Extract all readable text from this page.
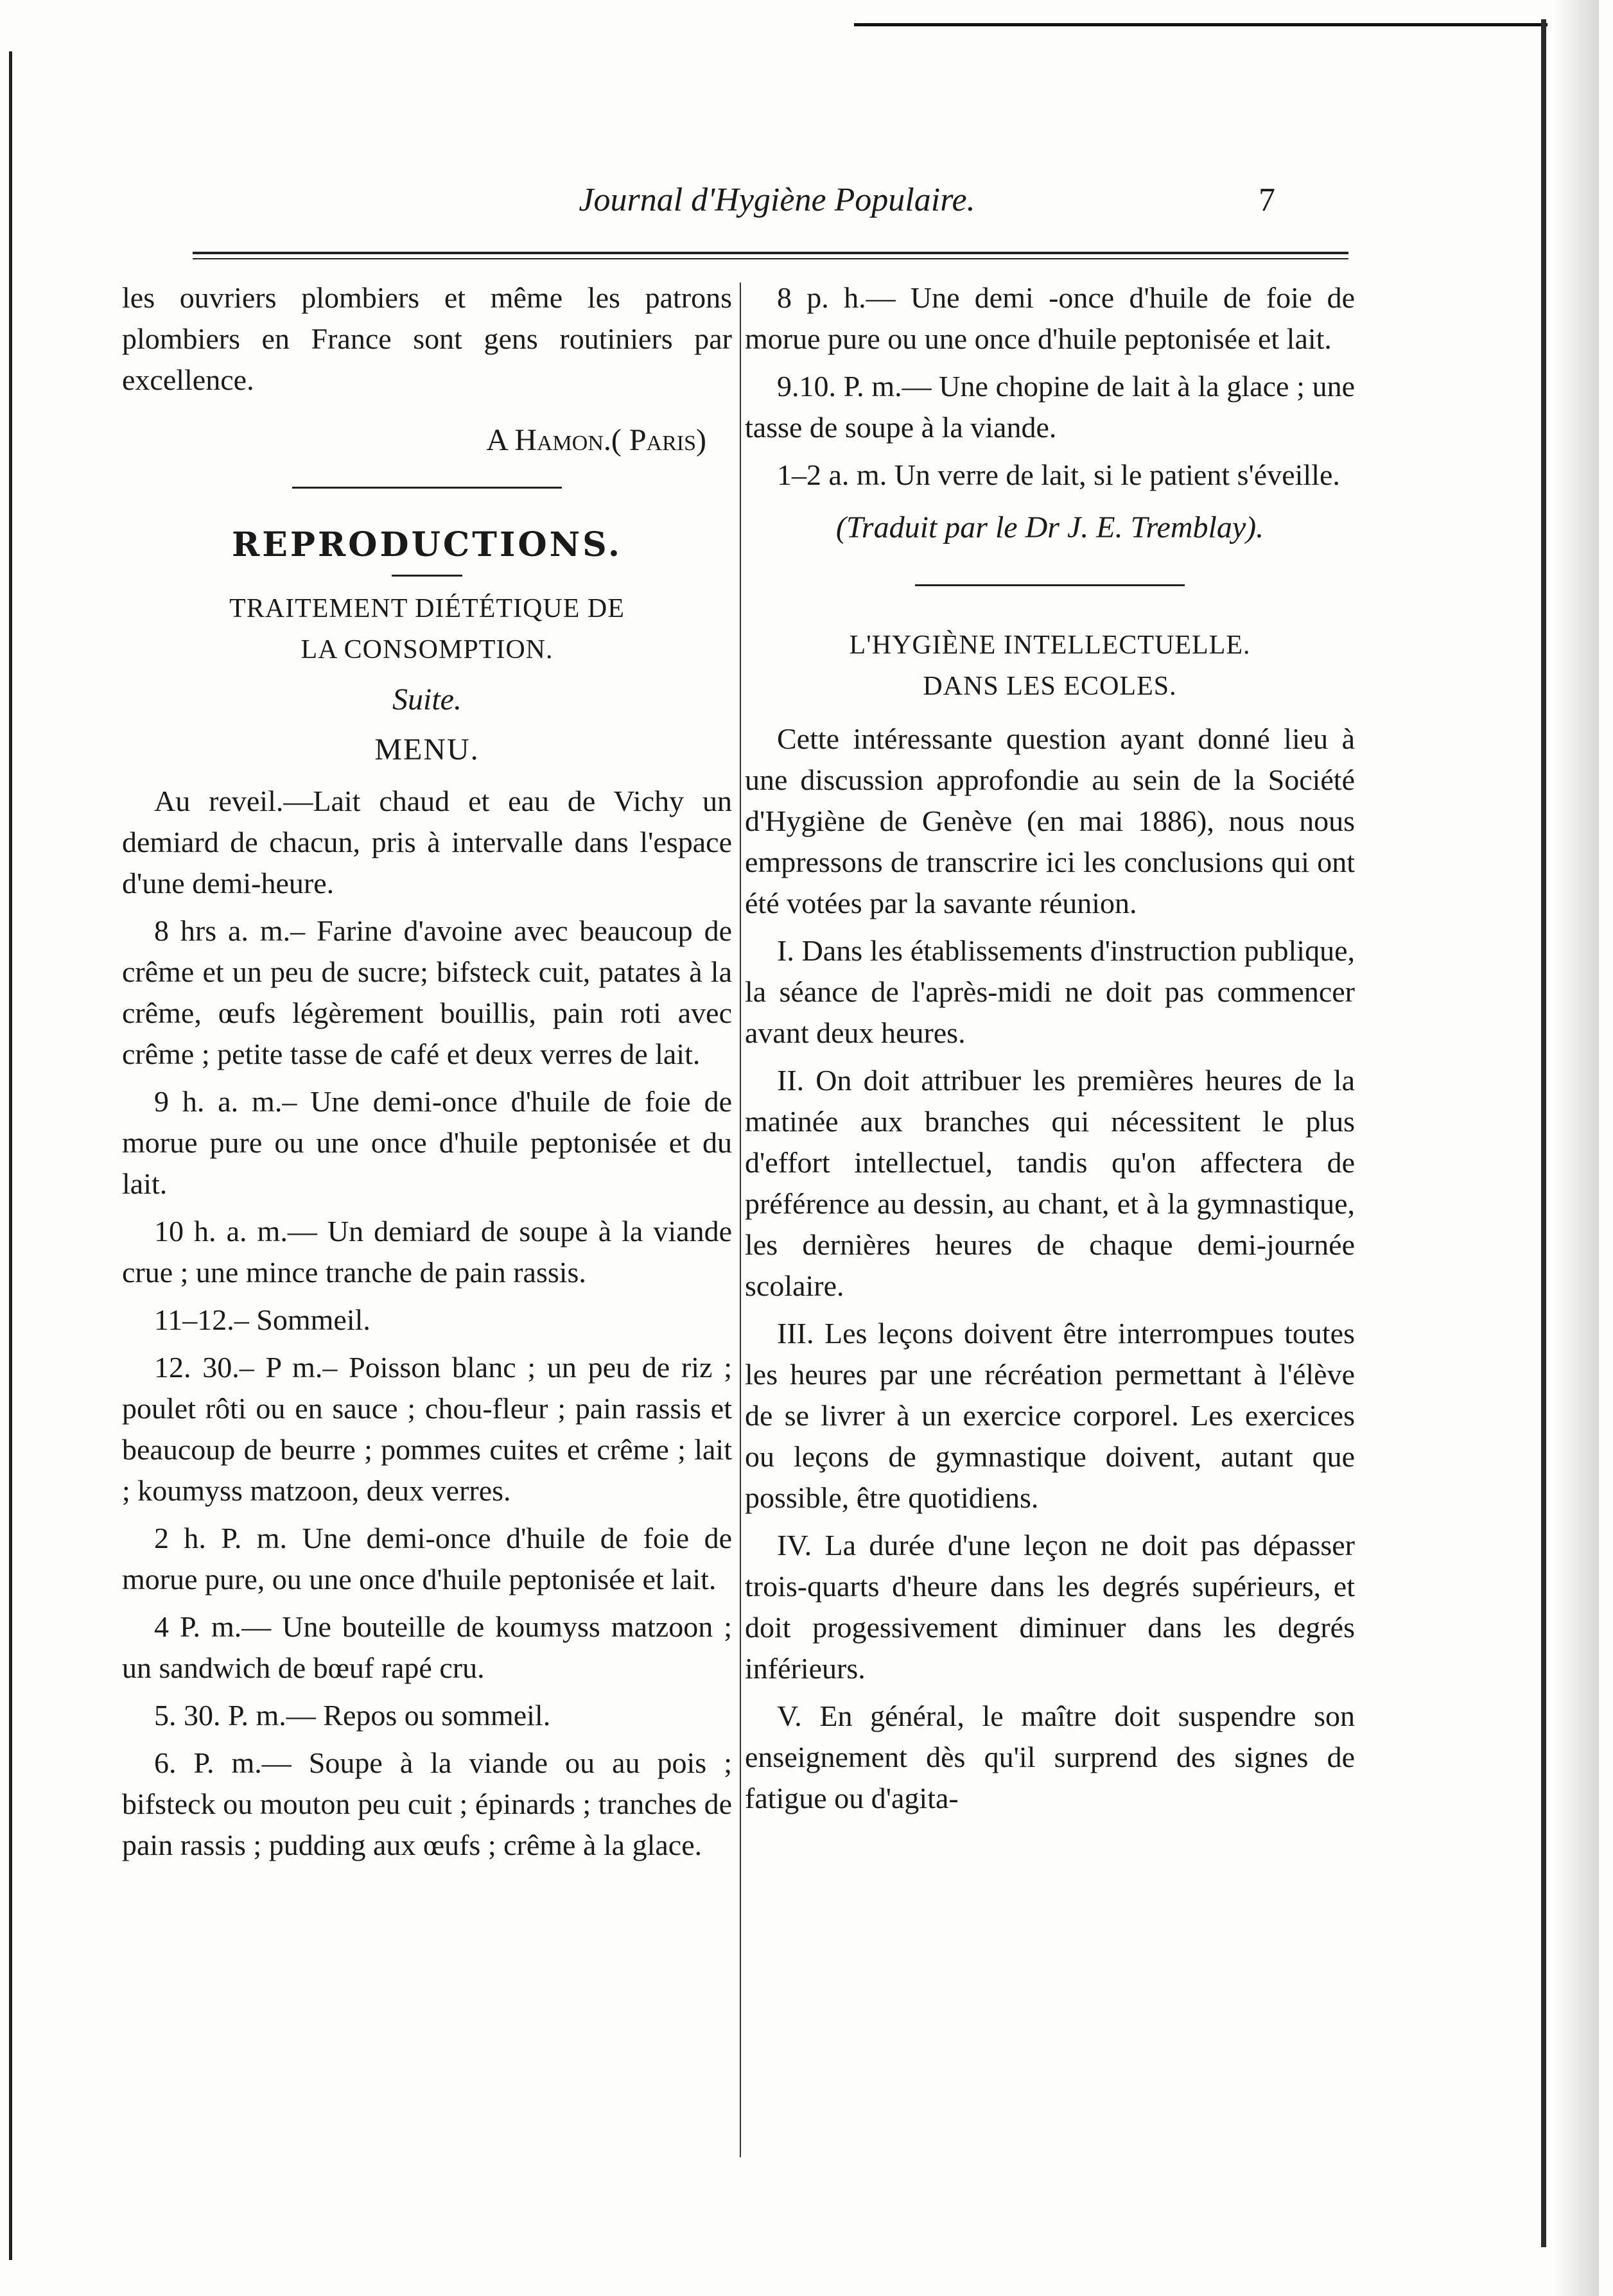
Journal d'Hygiène Populaire.	7

les ouvriers plombiers et même les patrons plombiers en France sont gens routiniers par excellence.

A Hamon.( Paris)

REPRODUCTIONS.

TRAITEMENT DIÉTÉTIQUE DE

LA CONSOMPTION.

Suite.

MENU.

Au reveil.—Lait chaud et eau de Vichy un demiard de chacun, pris à intervalle dans l'espace d'une demi-heure.

8 hrs a. m.– Farine d'avoine avec beaucoup de crême et un peu de sucre; bifsteck cuit, patates à la crême, œufs légèrement bouillis, pain roti avec crême ; petite tasse de café et deux verres de lait.

9 h. a. m.– Une demi-once d'huile de foie de morue pure ou une once d'huile peptonisée et du lait.

10 h. a. m.— Un demiard de soupe à la viande crue ; une mince tranche de pain rassis.

11–12.– Sommeil.

12. 30.– P m.– Poisson blanc ; un peu de riz ; poulet rôti ou en sauce ; chou-fleur ; pain rassis et beaucoup de beurre ; pommes cuites et crême ; lait ; koumyss matzoon, deux verres.

2 h. P. m. Une demi-once d'huile de foie de morue pure, ou une once d'huile peptonisée et lait.

4 P. m.— Une bouteille de koumyss matzoon ; un sandwich de bœuf rapé cru.

5. 30. P. m.— Repos ou sommeil.

6. P. m.— Soupe à la viande ou au pois ; bifsteck ou mouton peu cuit ; épinards ; tranches de pain rassis ; pudding aux œufs ; crême à la glace.

8 p. h.— Une demi -once d'huile de foie de morue pure ou une once d'huile peptonisée et lait.

9.10. P. m.— Une chopine de lait à la glace ; une tasse de soupe à la viande.

1–2 a. m. Un verre de lait, si le patient s'éveille.

(Traduit par le Dr J. E. Tremblay).

L'HYGIÈNE INTELLECTUELLE.

DANS LES ECOLES.

Cette intéressante question ayant donné lieu à une discussion approfondie au sein de la Société d'Hygiène de Genève (en mai 1886), nous nous empressons de transcrire ici les conclusions qui ont été votées par la savante réunion.

I. Dans les établissements d'instruction publique, la séance de l'après-midi ne doit pas commencer avant deux heures.

II. On doit attribuer les premières heures de la matinée aux branches qui nécessitent le plus d'effort intellectuel, tandis qu'on affectera de préférence au dessin, au chant, et à la gymnastique, les dernières heures de chaque demi-journée scolaire.

III. Les leçons doivent être interrompues toutes les heures par une récréation permettant à l'élève de se livrer à un exercice corporel. Les exercices ou leçons de gymnastique doivent, autant que possible, être quotidiens.

IV. La durée d'une leçon ne doit pas dépasser trois-quarts d'heure dans les degrés supérieurs, et doit progessivement diminuer dans les degrés inférieurs.

V. En général, le maître doit suspendre son enseignement dès qu'il surprend des signes de fatigue ou d'agita-
